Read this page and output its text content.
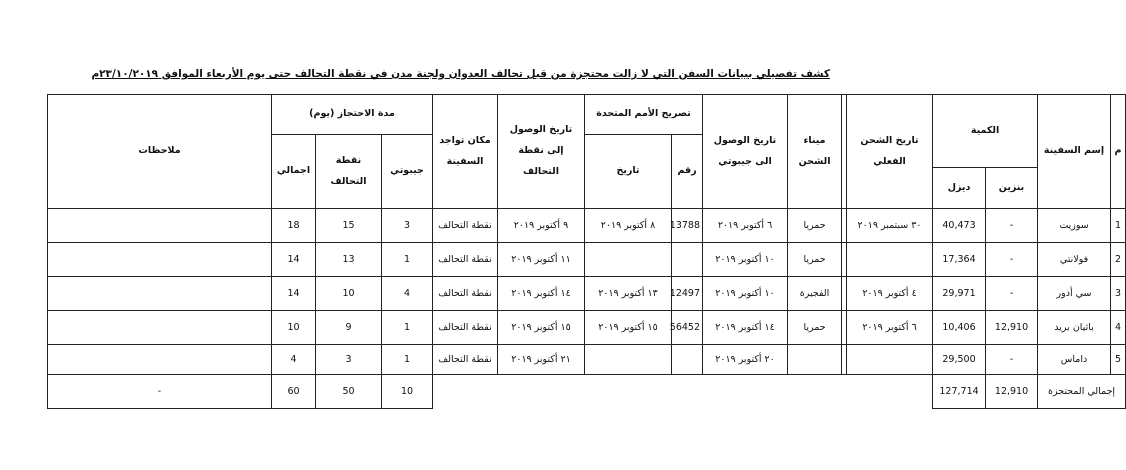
كشف تفصيلي ببيانات السفن التي لا زالت محتجزة من قبل تحالف العدوان ولجنة مدن في نقطة التحالف حتى يوم الأربعاء الموافق ٢٣/١٠/٢٠١٩م
م	إسم السفينة	الكمية		تاريخ الشحن الفعلي		ميناء الشحن	تاريخ الوصول الى جيبوتي	تصريح الأمم المتحدة		تاريخ الوصول إلى نقطة التحالف	مكان تواجد السفينة	مدة الاحتجاز (يوم)			ملاحظات
								رقم	تاريخ			جيبوتي	نقطة التحالف	اجمالي	
		بنزين	ديزل												
1	سوزيت	-	40,473	٣٠ سبتمبر ٢٠١٩		حمريا	٦ أكتوبر ٢٠١٩	13788	٨ أكتوبر ٢٠١٩	٩ أكتوبر ٢٠١٩	نقطة التحالف	3	15	18	
2	فولانتي	-	17,364			حمريا	١٠ أكتوبر ٢٠١٩			١١ أكتوبر ٢٠١٩	نقطة التحالف	1	13	14	
3	سي أدور	-	29,971	٤ أكتوبر ٢٠١٩		الفجيرة	١٠ أكتوبر ٢٠١٩	12497	١٣ أكتوبر ٢٠١٩	١٤ أكتوبر ٢٠١٩	نقطة التحالف	4	10	14	
4	باثيان بريد	12,910	10,406	٦ أكتوبر ٢٠١٩		حمريا	١٤ أكتوبر ٢٠١٩	56452	١٥ أكتوبر ٢٠١٩	١٥ أكتوبر ٢٠١٩	نقطة التحالف	1	9	10	
5	داماس	-	29,500				٢٠ أكتوبر ٢٠١٩			٢١ أكتوبر ٢٠١٩	نقطة التحالف	1	3	4	
إجمالي المحتجزة		12,910	127,714									10	50	60	-
